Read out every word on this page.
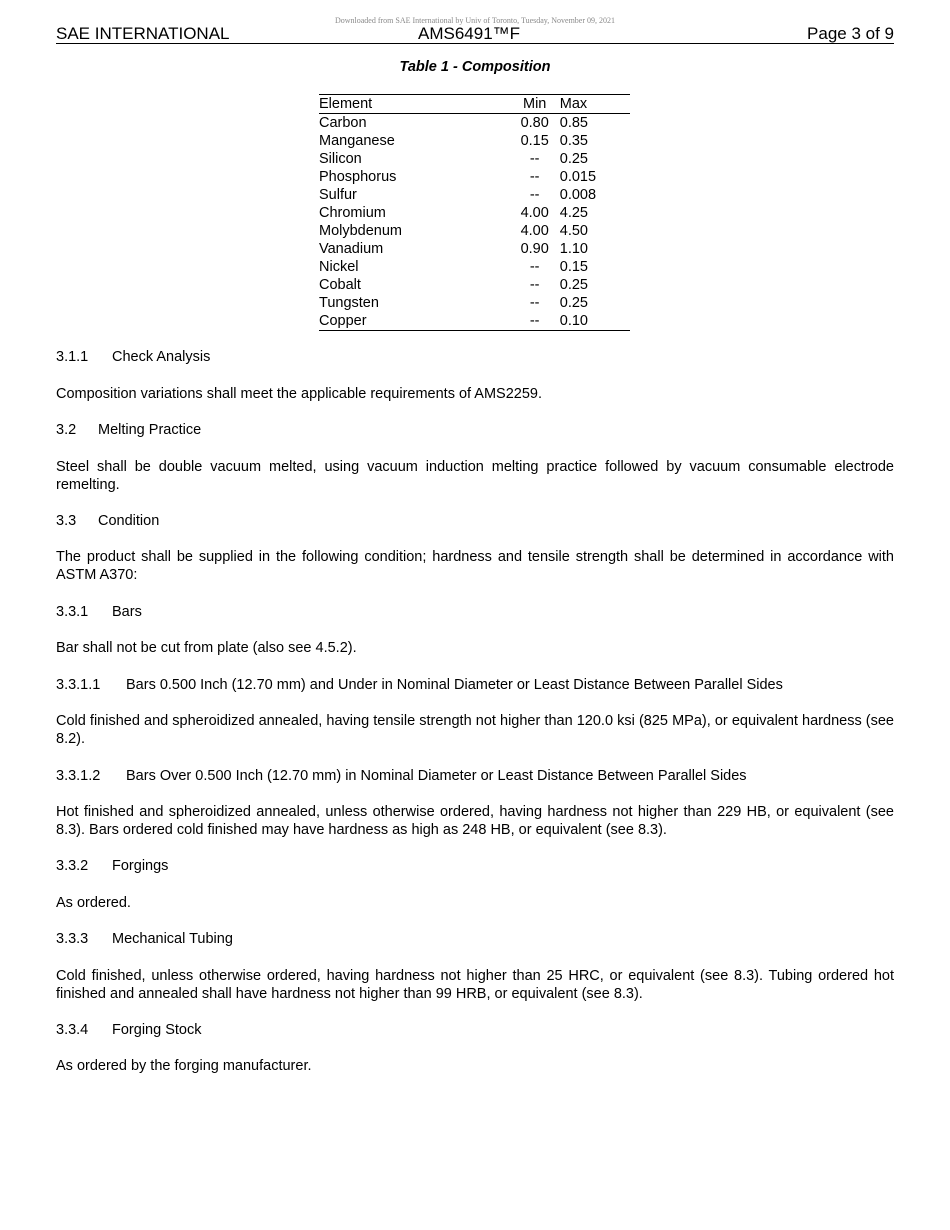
Downloaded from SAE International by Univ of Toronto, Tuesday, November 09, 2021
SAE INTERNATIONAL	AMS6491™F	Page 3 of 9
Table 1 - Composition
Element	Min	Max
Carbon	0.80	0.85
Manganese	0.15	0.35
Silicon	--	0.25
Phosphorus	--	0.015
Sulfur	--	0.008
Chromium	4.00	4.25
Molybdenum	4.00	4.50
Vanadium	0.90	1.10
Nickel	--	0.15
Cobalt	--	0.25
Tungsten	--	0.25
Copper	--	0.10
3.1.1 Check Analysis
Composition variations shall meet the applicable requirements of AMS2259.
3.2 Melting Practice
Steel shall be double vacuum melted, using vacuum induction melting practice followed by vacuum consumable electrode remelting.
3.3 Condition
The product shall be supplied in the following condition; hardness and tensile strength shall be determined in accordance with ASTM A370:
3.3.1 Bars
Bar shall not be cut from plate (also see 4.5.2).
3.3.1.1 Bars 0.500 Inch (12.70 mm) and Under in Nominal Diameter or Least Distance Between Parallel Sides
Cold finished and spheroidized annealed, having tensile strength not higher than 120.0 ksi (825 MPa), or equivalent hardness (see 8.2).
3.3.1.2 Bars Over 0.500 Inch (12.70 mm) in Nominal Diameter or Least Distance Between Parallel Sides
Hot finished and spheroidized annealed, unless otherwise ordered, having hardness not higher than 229 HB, or equivalent (see 8.3). Bars ordered cold finished may have hardness as high as 248 HB, or equivalent (see 8.3).
3.3.2 Forgings
As ordered.
3.3.3 Mechanical Tubing
Cold finished, unless otherwise ordered, having hardness not higher than 25 HRC, or equivalent (see 8.3). Tubing ordered hot finished and annealed shall have hardness not higher than 99 HRB, or equivalent (see 8.3).
3.3.4 Forging Stock
As ordered by the forging manufacturer.
